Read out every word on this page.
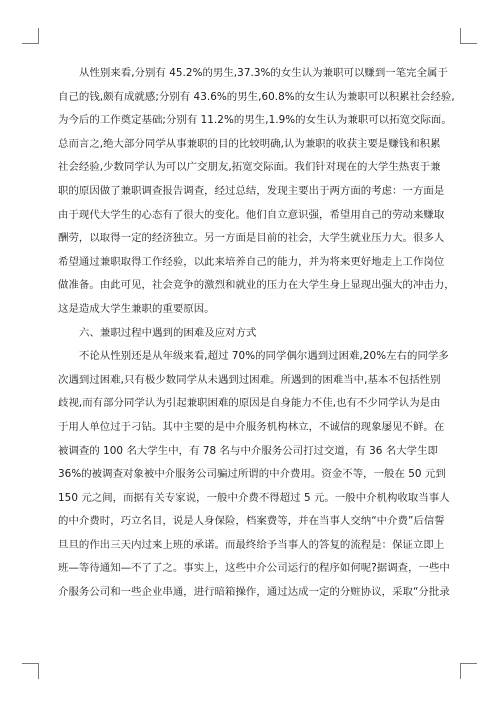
从性别来看,分别有 45.2%的男生,37.3%的女生认为兼职可以赚到一笔完全属于
自己的钱,颇有成就感;分别有 43.6%的男生,60.8%的女生认为兼职可以积累社会经验,
为今后的工作奠定基础;分别有 11.2%的男生,1.9%的女生认为兼职可以拓宽交际面。
总而言之,绝大部分同学从事兼职的目的比较明确,认为兼职的收获主要是赚钱和积累
社会经验,少数同学认为可以广交朋友,拓宽交际面。我们针对现在的大学生热衷于兼
职的原因做了兼职调查报告调查，经过总结，发现主要出于两方面的考虑：一方面是
由于现代大学生的心态有了很大的变化。他们自立意识强，希望用自己的劳动来赚取
酬劳，以取得一定的经济独立。另一方面是目前的社会，大学生就业压力大。很多人
希望通过兼职取得工作经验，以此来培养自己的能力，并为将来更好地走上工作岗位
做准备。由此可见，社会竞争的激烈和就业的压力在大学生身上显现出强大的冲击力，
这是造成大学生兼职的重要原因。
六、兼职过程中遇到的困难及应对方式
不论从性别还是从年级来看,超过 70%的同学偶尔遇到过困难,20%左右的同学多
次遇到过困难,只有极少数同学从未遇到过困难。所遇到的困难当中,基本不包括性别
歧视,而有部分同学认为引起兼职困难的原因是自身能力不佳,也有不少同学认为是由
于用人单位过于刁钻。其中主要的是中介服务机构林立，不诚信的现象屡见不鲜。在
被调查的 100 名大学生中，有 78 名与中介服务公司打过交道，有 36 名大学生即
36%的被调查对象被中介服务公司骗过所谓的中介费用。资金不等，一般在 50 元到
150 元之间，而据有关专家说，一般中介费不得超过 5 元。一般中介机构收取当事人
的中介费时，巧立名目，说是人身保险，档案费等，并在当事人交纳“中介费”后信誓
旦旦的作出三天内过来上班的承诺。而最终给予当事人的答复的流程是：保证立即上
班—等待通知—不了了之。事实上，这些中介公司运行的程序如何呢?据调查，一些中
介服务公司和一些企业串通，进行暗箱操作，通过达成一定的分赃协议，采取“分批录
